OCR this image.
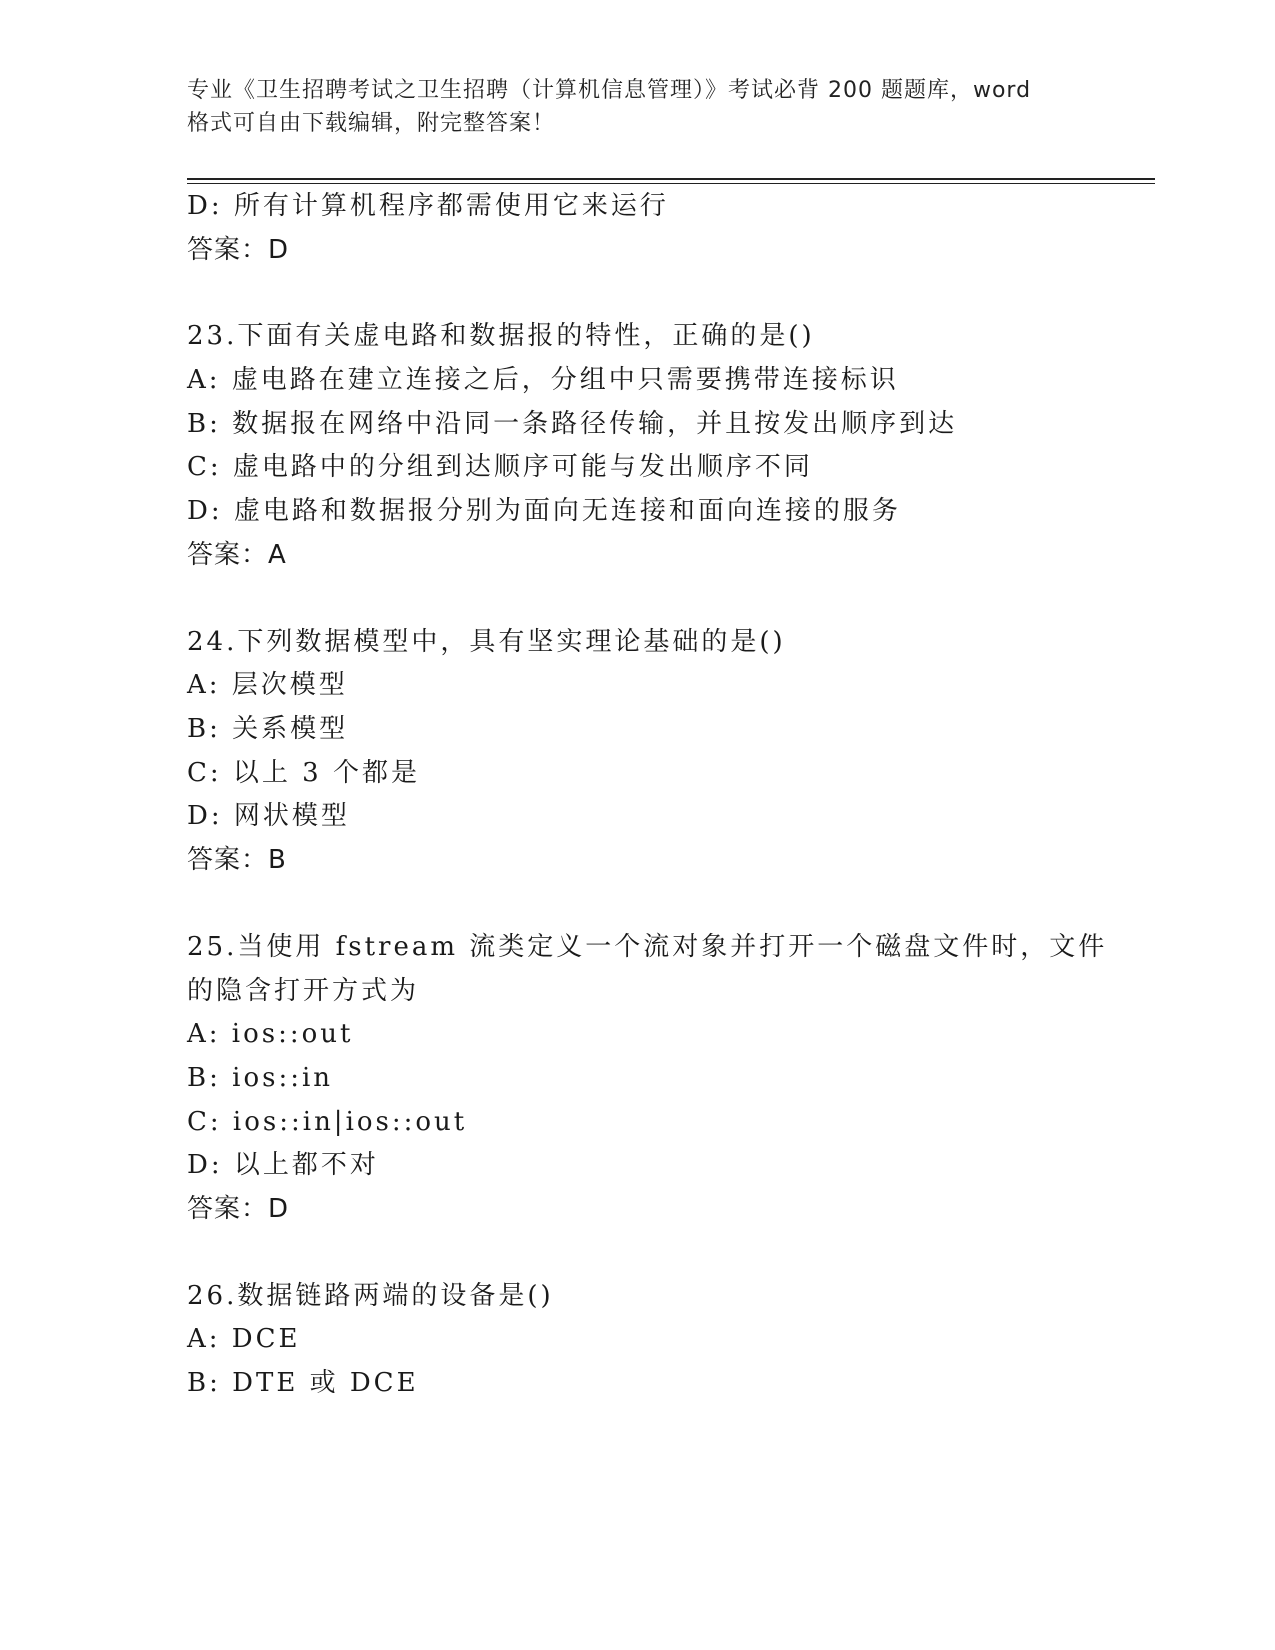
专业《卫生招聘考试之卫生招聘（计算机信息管理）》考试必背 200 题题库，word
格式可自由下载编辑，附完整答案！
D: 所有计算机程序都需使用它来运行
答案：D
23.下面有关虚电路和数据报的特性，正确的是()
A: 虚电路在建立连接之后，分组中只需要携带连接标识
B: 数据报在网络中沿同一条路径传输，并且按发出顺序到达
C: 虚电路中的分组到达顺序可能与发出顺序不同
D: 虚电路和数据报分别为面向无连接和面向连接的服务
答案：A
24.下列数据模型中，具有坚实理论基础的是()
A: 层次模型
B: 关系模型
C: 以上 3 个都是
D: 网状模型
答案：B
25.当使用 fstream 流类定义一个流对象并打开一个磁盘文件时，文件
的隐含打开方式为
A: ios::out
B: ios::in
C: ios::in|ios::out
D: 以上都不对
答案：D
26.数据链路两端的设备是()
A: DCE
B: DTE 或 DCE
